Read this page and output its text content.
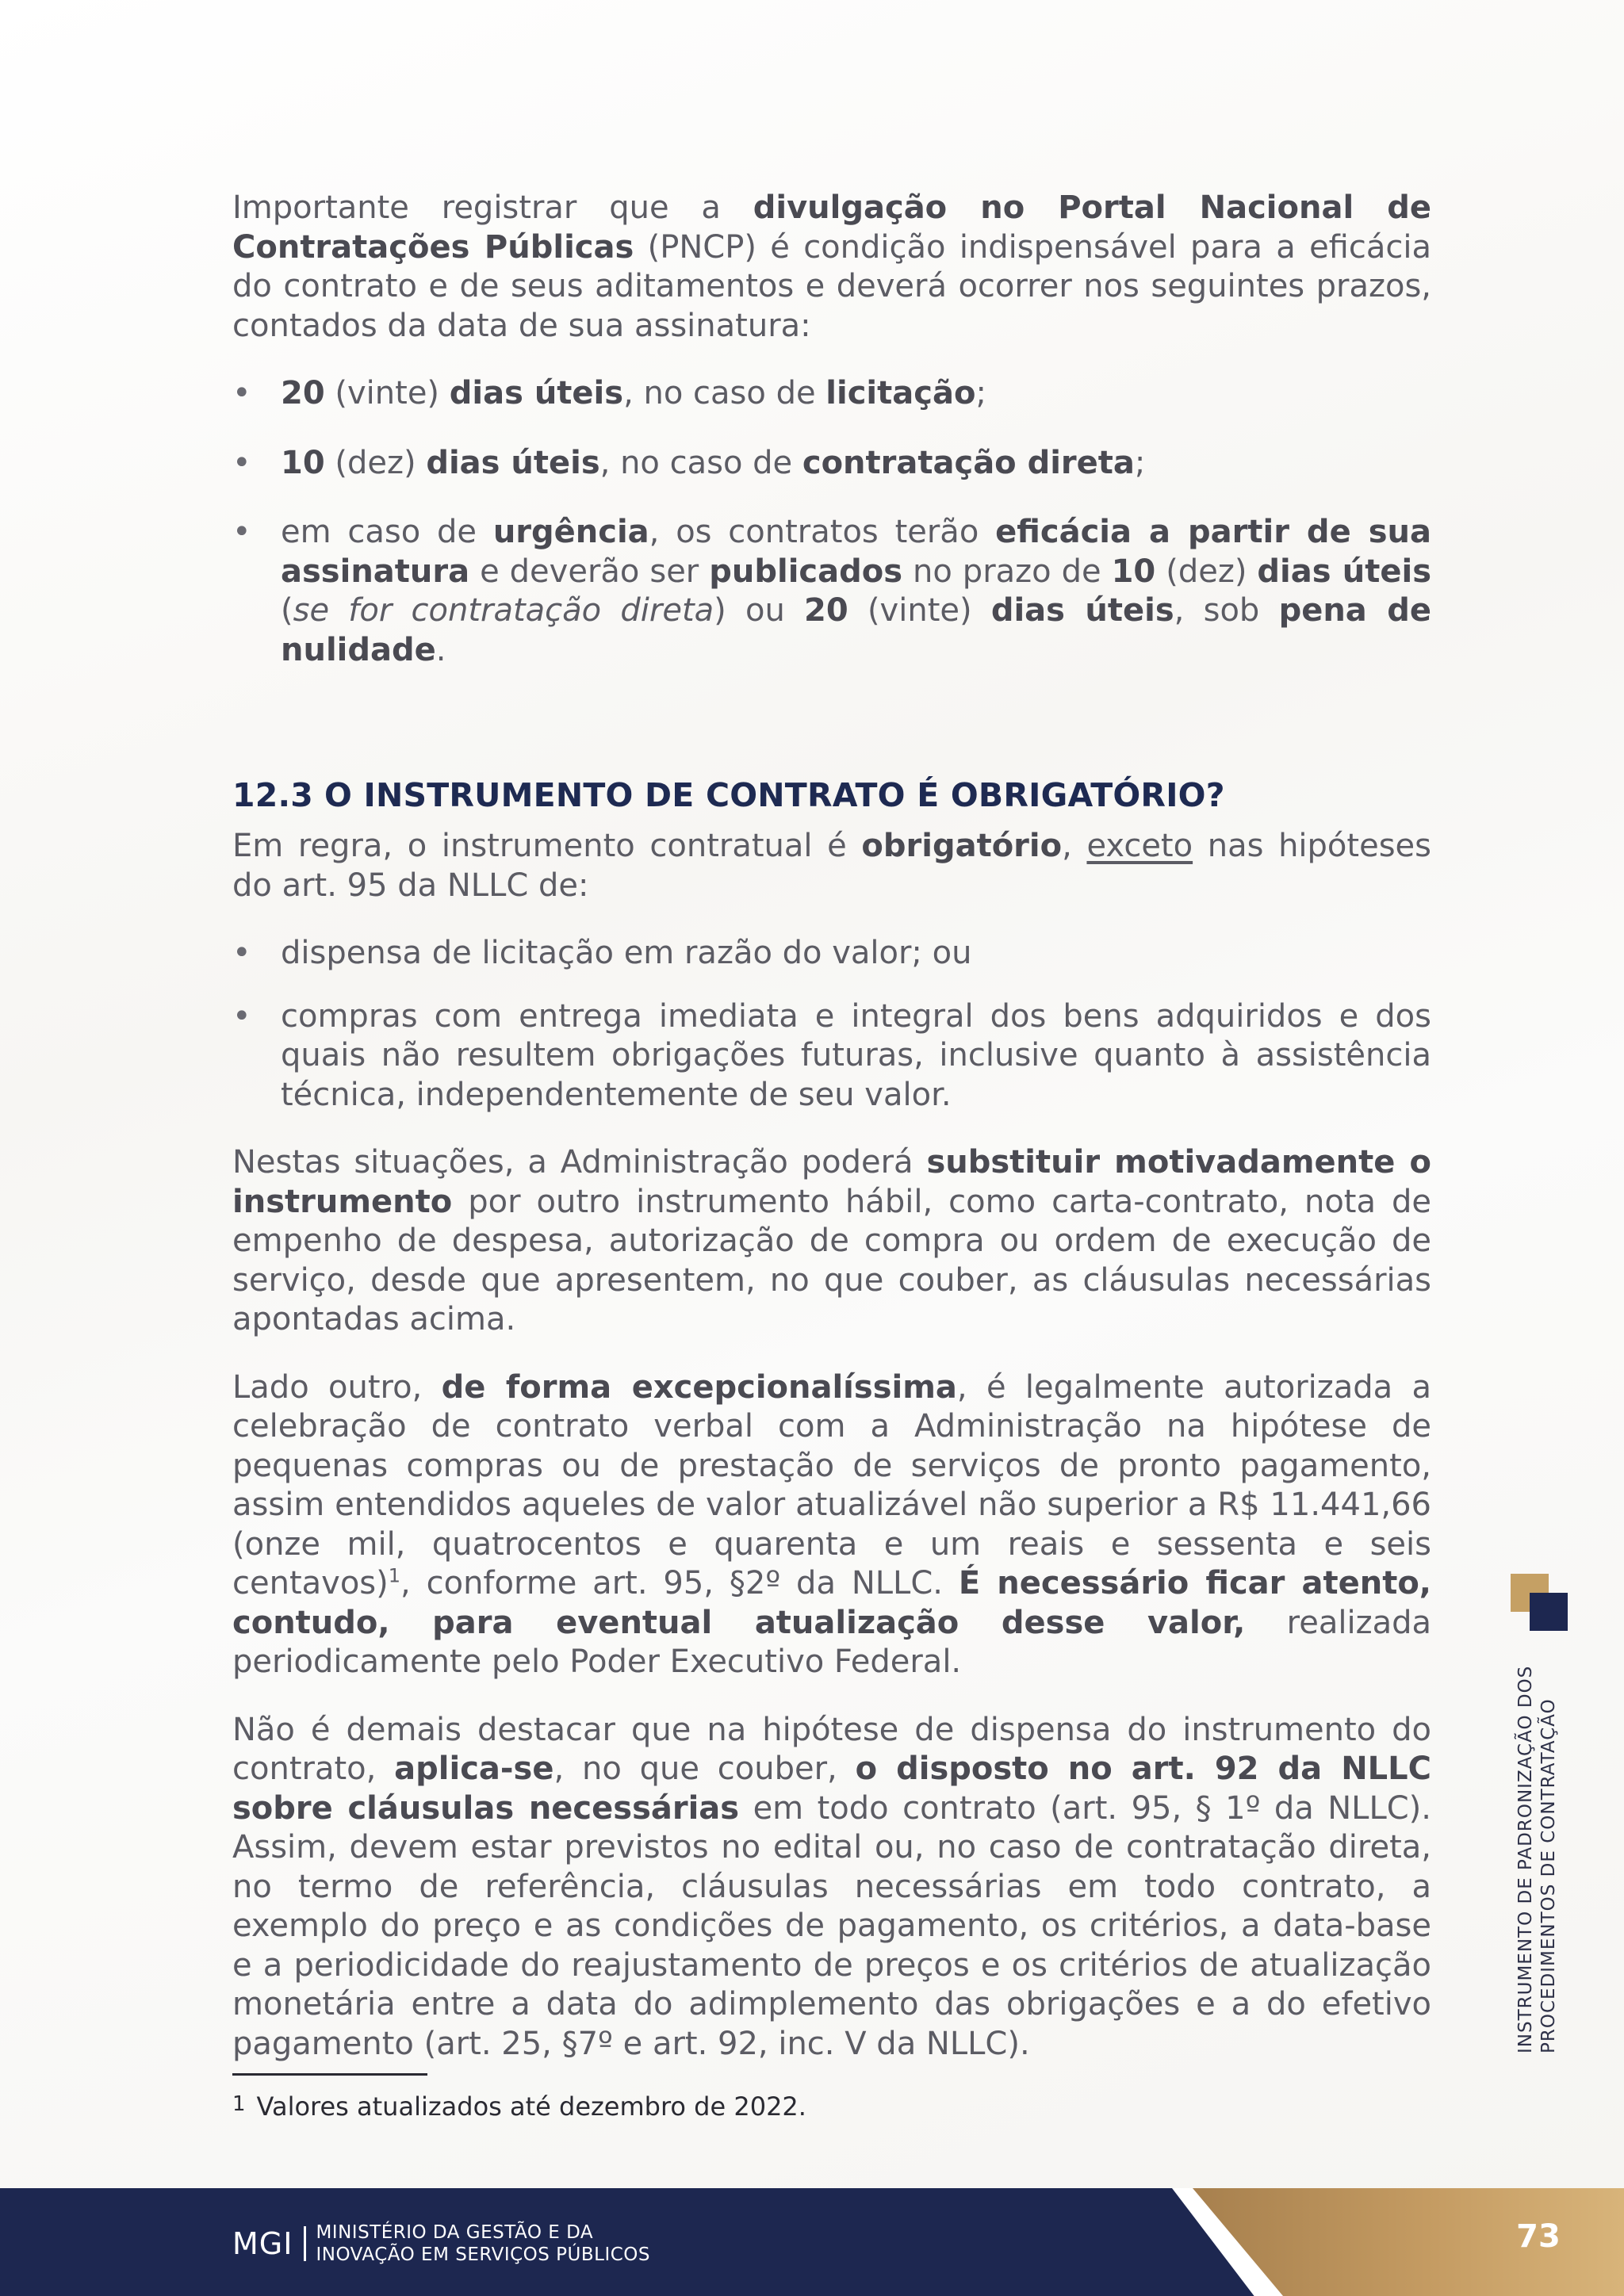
Importante registrar que a divulgação no Portal Nacional de Contratações Públicas (PNCP) é condição indispensável para a eficácia do contrato e de seus aditamentos e deverá ocorrer nos seguintes prazos, contados da data de sua assinatura:

• 20 (vinte) dias úteis, no caso de licitação;
• 10 (dez) dias úteis, no caso de contratação direta;
• em caso de urgência, os contratos terão eficácia a partir de sua assinatura e deverão ser publicados no prazo de 10 (dez) dias úteis (se for contratação direta) ou 20 (vinte) dias úteis, sob pena de nulidade.
12.3 O INSTRUMENTO DE CONTRATO É OBRIGATÓRIO?

Em regra, o instrumento contratual é obrigatório, exceto nas hipóteses do art. 95 da NLLC de:

• dispensa de licitação em razão do valor; ou
• compras com entrega imediata e integral dos bens adquiridos e dos quais não resultem obrigações futuras, inclusive quanto à assistência técnica, independentemente de seu valor.

Nestas situações, a Administração poderá substituir motivadamente o instrumento por outro instrumento hábil, como carta-contrato, nota de empenho de despesa, autorização de compra ou ordem de execução de serviço, desde que apresentem, no que couber, as cláusulas necessárias apontadas acima.

Lado outro, de forma excepcionalíssima, é legalmente autorizada a celebração de contrato verbal com a Administração na hipótese de pequenas compras ou de prestação de serviços de pronto pagamento, assim entendidos aqueles de valor atualizável não superior a R$ 11.441,66 (onze mil, quatrocentos e quarenta e um reais e sessenta e seis centavos)$^1$, conforme art. 95, §2º da NLLC. É necessário ficar atento, contudo, para eventual atualização desse valor, realizada periodicamente pelo Poder Executivo Federal.

Não é demais destacar que na hipótese de dispensa do instrumento do contrato, aplica-se, no que couber, o disposto no art. 92 da NLLC sobre cláusulas necessárias em todo contrato (art. 95, § 1º da NLLC). Assim, devem estar previstos no edital ou, no caso de contratação direta, no termo de referência, cláusulas necessárias em todo contrato, a exemplo do preço e as condições de pagamento, os critérios, a data-base e a periodicidade do reajustamento de preços e os critérios de atualização monetária entre a data do adimplemento das obrigações e a do efetivo pagamento (art. 25, §7º e art. 92, inc. V da NLLC).

1 Valores atualizados até dezembro de 2022.
INSTRUMENTO DE PADRONIZAÇÃO DOS PROCEDIMENTOS DE CONTRATAÇÃO
MGI MINISTÉRIO DA GESTÃO E DA
INOVAÇÃO EM SERVIÇOS PÚBLICOS	73
